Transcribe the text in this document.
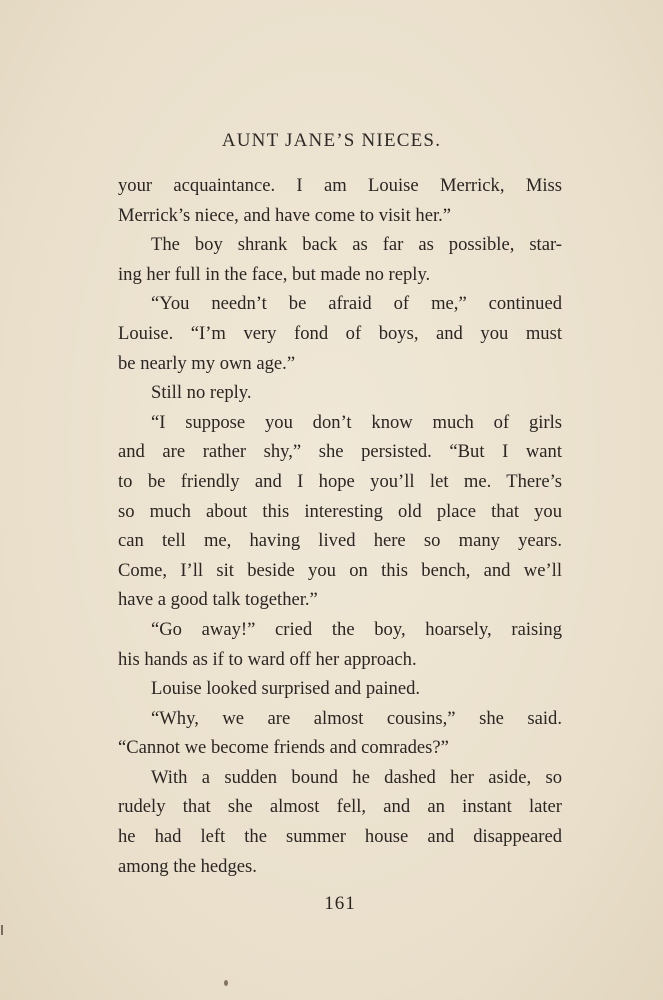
AUNT JANE’S NIECES.
your acquaintance. I am Louise Merrick, Miss
Merrick’s niece, and have come to visit her.”
The boy shrank back as far as possible, star-
ing her full in the face, but made no reply.
“You needn’t be afraid of me,” continued
Louise. “I’m very fond of boys, and you must
be nearly my own age.”
Still no reply.
“I suppose you don’t know much of girls
and are rather shy,” she persisted. “But I want
to be friendly and I hope you’ll let me. There’s
so much about this interesting old place that you
can tell me, having lived here so many years.
Come, I’ll sit beside you on this bench, and we’ll
have a good talk together.”
“Go away!” cried the boy, hoarsely, raising
his hands as if to ward off her approach.
Louise looked surprised and pained.
“Why, we are almost cousins,” she said.
“Cannot we become friends and comrades?”
With a sudden bound he dashed her aside, so
rudely that she almost fell, and an instant later
he had left the summer house and disappeared
among the hedges.
161
